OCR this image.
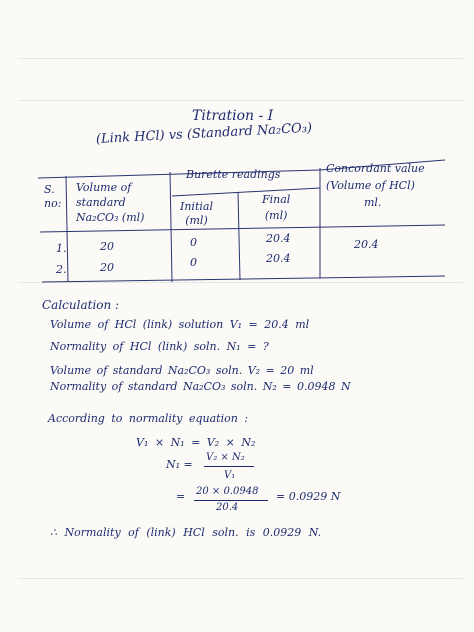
Titration - I
(Link HCl) vs (Standard Na₂CO₃)
S.
no:
Volume of
standard
Na₂CO₃ (ml)
Burette readings
Initial
(ml)
Final
(ml)
Concordant value
(Volume of HCl)
ml.
1.	20	0	20.4
2.	20	0	20.4
20.4
Calculation :
Volume of HCl (link) solution V₁ = 20.4 ml
Normality of HCl (link) soln. N₁ = ?
Volume of standard Na₂CO₃ soln. V₂ = 20 ml
Normality of standard Na₂CO₃ soln. N₂ = 0.0948 N
According to normality equation :
V₁ × N₁ = V₂ × N₂
N₁ =
V₂ × N₂
V₁
= 20 × 0.0948
20.4
= 0.0929 N
∴ Normality of (link) HCl soln. is 0.0929 N.
